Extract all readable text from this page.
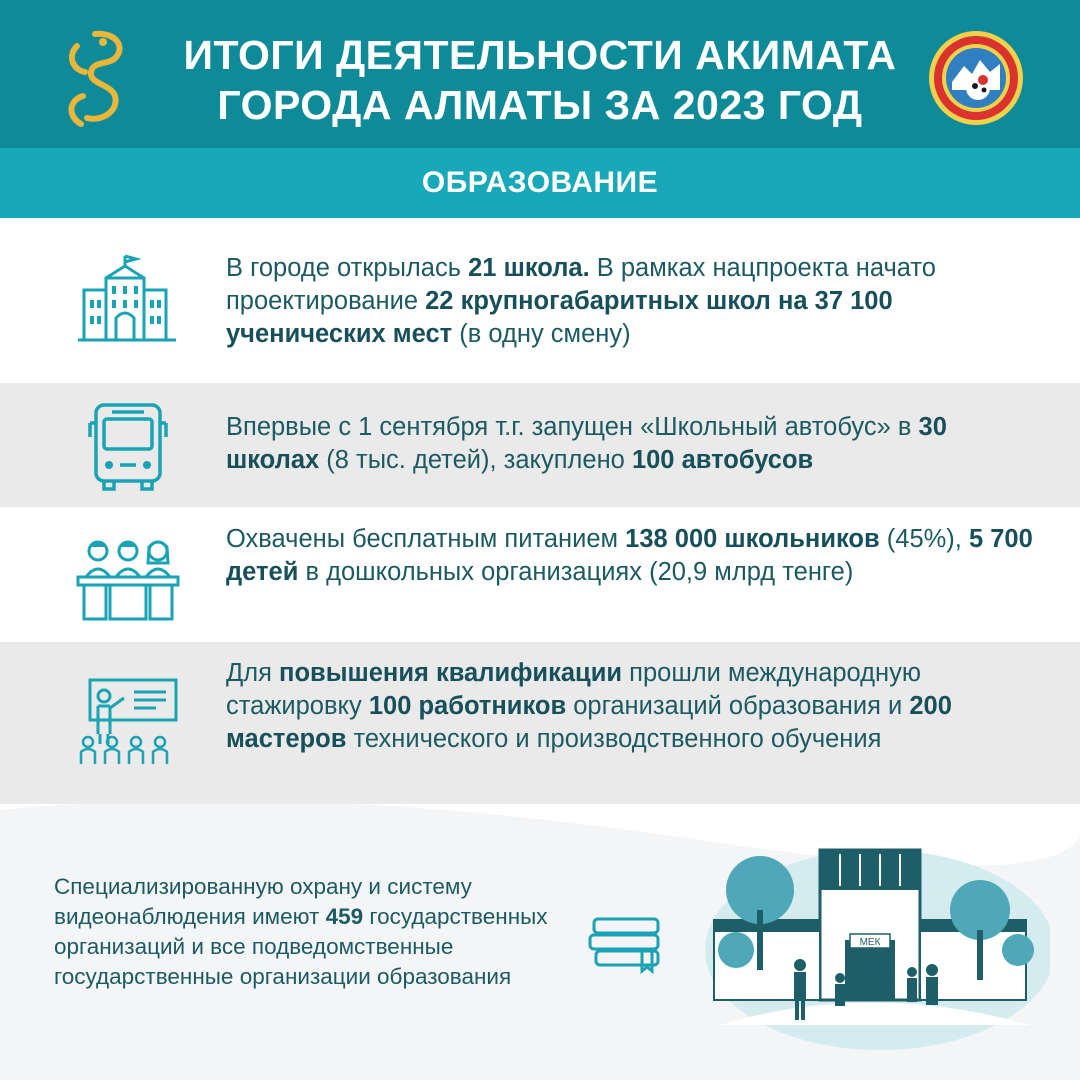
ИТОГИ ДЕЯТЕЛЬНОСТИ АКИМАТА
ГОРОДА АЛМАТЫ ЗА 2023 ГОД
ОБРАЗОВАНИЕ
В городе открылась 21 школа. В рамках нацпроекта начато проектирование 22 крупногабаритных школ на 37 100 ученических мест (в одну смену)
Впервые с 1 сентября т.г. запущен «Школьный автобус» в 30 школах (8 тыс. детей), закуплено 100 автобусов
Охвачены бесплатным питанием 138 000 школьников (45%), 5 700 детей в дошкольных организациях (20,9 млрд тенге)
Для повышения квалификации прошли международную стажировку 100 работников организаций образования и 200 мастеров технического и производственного обучения
Специализированную охрану и систему видеонаблюдения имеют 459 государственных организаций и все подведомственные государственные организации образования
МЕК
